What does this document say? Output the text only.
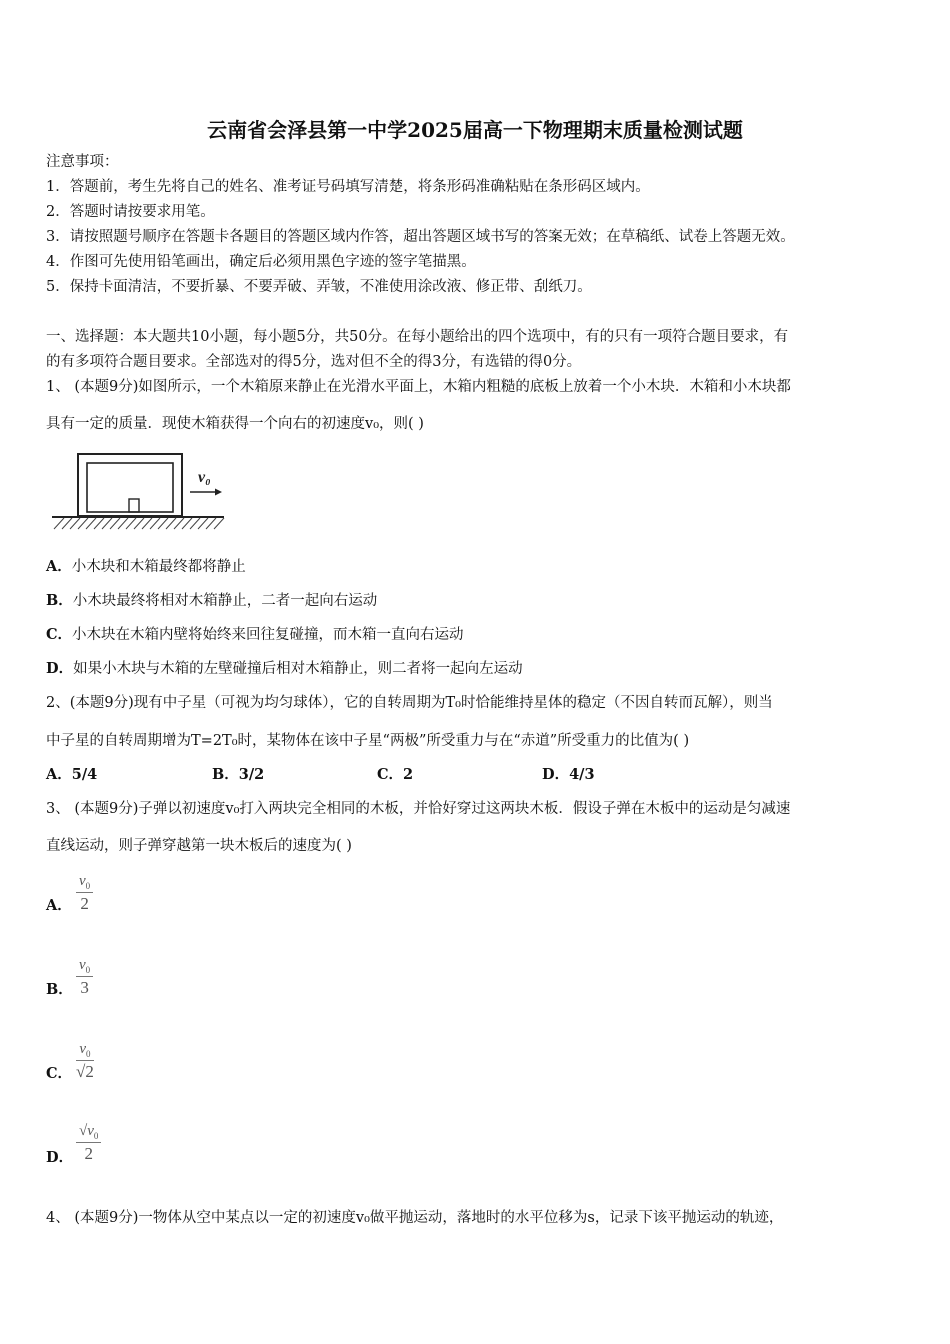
云南省会泽县第一中学2025届高一下物理期末质量检测试题
注意事项：
1．答题前，考生先将自己的姓名、准考证号码填写清楚，将条形码准确粘贴在条形码区域内。
2．答题时请按要求用笔。
3．请按照题号顺序在答题卡各题目的答题区域内作答，超出答题区域书写的答案无效；在草稿纸、试卷上答题无效。
4．作图可先使用铅笔画出，确定后必须用黑色字迹的签字笔描黑。
5．保持卡面清洁，不要折暴、不要弄破、弄皱，不准使用涂改液、修正带、刮纸刀。
一、选择题：本大题共10小题，每小题5分，共50分。在每小题给出的四个选项中，有的只有一项符合题目要求，有
的有多项符合题目要求。全部选对的得5分，选对但不全的得3分，有选错的得0分。
1、 (本题9分)如图所示，一个木箱原来静止在光滑水平面上，木箱内粗糙的底板上放着一个小木块．木箱和小木块都
具有一定的质量．现使木箱获得一个向右的初速度v₀，则( )
v₀
A．小木块和木箱最终都将静止
B．小木块最终将相对木箱静止，二者一起向右运动
C．小木块在木箱内壁将始终来回往复碰撞，而木箱一直向右运动
D．如果小木块与木箱的左壁碰撞后相对木箱静止，则二者将一起向左运动
2、(本题9分)现有中子星（可视为均匀球体），它的自转周期为T₀时恰能维持星体的稳定（不因自转而瓦解），则当
中子星的自转周期增为T=2T₀时，某物体在该中子星“两极”所受重力与在“赤道”所受重力的比值为( )
A．5/4	B．3/2	C．2	D．4/3
3、 (本题9分)子弹以初速度v₀打入两块完全相同的木板，并恰好穿过这两块木板．假设子弹在木板中的运动是匀减速
直线运动，则子弹穿越第一块木板后的速度为( )
A． $\frac{v_0}{2}$
B． $\frac{v_0}{3}$
C． $\frac{v_0}{√2}$
D． $\frac{√v_0}{2}$
4、 (本题9分)一物体从空中某点以一定的初速度v₀做平抛运动，落地时的水平位移为s，记录下该平抛运动的轨迹，
